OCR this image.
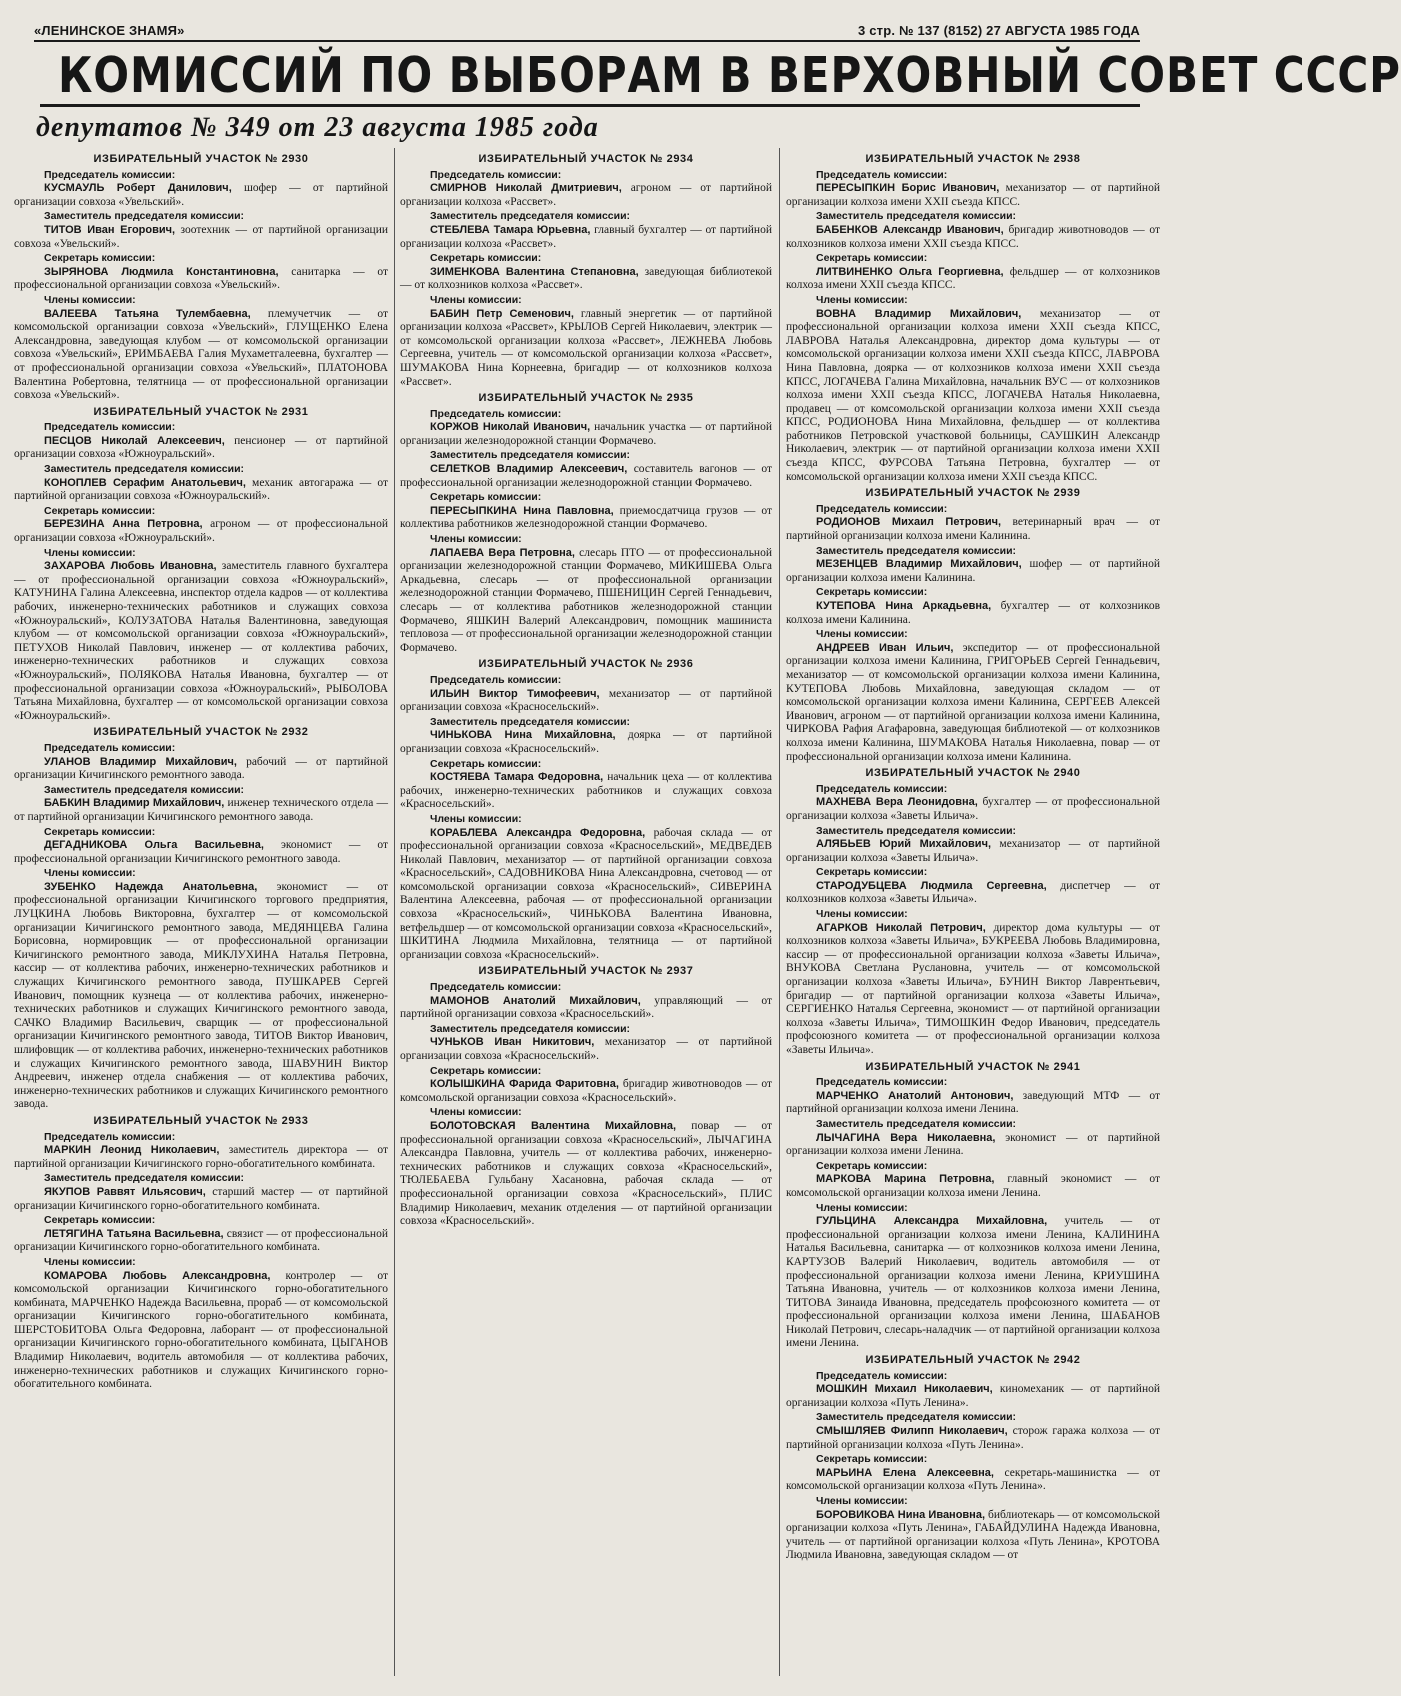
«ЛЕНИНСКОЕ ЗНАМЯ»	3 стр. № 137 (8152) 27 АВГУСТА 1985 ГОДА
КОМИССИЙ ПО ВЫБОРАМ В ВЕРХОВНЫЙ СОВЕТ СССР
депутатов № 349 от 23 августа 1985 года
ИЗБИРАТЕЛЬНЫЙ УЧАСТОК № 2930
Председатель комиссии:
КУСМАУЛЬ Роберт Данилович, шофер — от партийной организации совхоза «Увельский».
Заместитель председателя комиссии:
ТИТОВ Иван Егорович, зоотехник — от партийной организации совхоза «Увельский».
Секретарь комиссии:
ЗЫРЯНОВА Людмила Константиновна, санитарка — от профессиональной организации совхоза «Увельский».
Члены комиссии:
ВАЛЕЕВА Татьяна Тулембаевна, племучетчик — от комсомольской организации совхоза «Увельский», ГЛУЩЕНКО Елена Александровна, заведующая клубом — от комсомольской организации совхоза «Увельский», ЕРИМБАЕВА Галия Мухаметгалеевна, бухгалтер — от профессиональной организации совхоза «Увельский», ПЛАТОНОВА Валентина Робертовна, телятница — от профессиональной организации совхоза «Увельский».
ИЗБИРАТЕЛЬНЫЙ УЧАСТОК № 2931
Председатель комиссии:
ПЕСЦОВ Николай Алексеевич, пенсионер — от партийной организации совхоза «Южноуральский».
Заместитель председателя комиссии:
КОНОПЛЕВ Серафим Анатольевич, механик автогаража — от партийной организации совхоза «Южноуральский».
Секретарь комиссии:
БЕРЕЗИНА Анна Петровна, агроном — от профессиональной организации совхоза «Южноуральский».
Члены комиссии:
ЗАХАРОВА Любовь Ивановна, заместитель главного бухгалтера — от профессиональной организации совхоза «Южноуральский», КАТУНИНА Галина Алексеевна, инспектор отдела кадров — от коллектива рабочих, инженерно-технических работников и служащих совхоза «Южноуральский», КОЛУЗАТОВА Наталья Валентиновна, заведующая клубом — от комсомольской организации совхоза «Южноуральский», ПЕТУХОВ Николай Павлович, инженер — от коллектива рабочих, инженерно-технических работников и служащих совхоза «Южноуральский», ПОЛЯКОВА Наталья Ивановна, бухгалтер — от профессиональной организации совхоза «Южноуральский», РЫБОЛОВА Татьяна Михайловна, бухгалтер — от комсомольской организации совхоза «Южноуральский».
ИЗБИРАТЕЛЬНЫЙ УЧАСТОК № 2932
Председатель комиссии:
УЛАНОВ Владимир Михайлович, рабочий — от партийной организации Кичигинского ремонтного завода.
Заместитель председателя комиссии:
БАБКИН Владимир Михайлович, инженер технического отдела — от партийной организации Кичигинского ремонтного завода.
Секретарь комиссии:
ДЕГАДНИКОВА Ольга Васильевна, экономист — от профессиональной организации Кичигинского ремонтного завода.
Члены комиссии:
ЗУБЕНКО Надежда Анатольевна, экономист — от профессиональной организации Кичигинского торгового предприятия, ЛУЦКИНА Любовь Викторовна, бухгалтер — от комсомольской организации Кичигинского ремонтного завода, МЕДЯНЦЕВА Галина Борисовна, нормировщик — от профессиональной организации Кичигинского ремонтного завода, МИКЛУХИНА Наталья Петровна, кассир — от коллектива рабочих, инженерно-технических работников и служащих Кичигинского ремонтного завода, ПУШКАРЕВ Сергей Иванович, помощник кузнеца — от коллектива рабочих, инженерно-технических работников и служащих Кичигинского ремонтного завода, САЧКО Владимир Васильевич, сварщик — от профессиональной организации Кичигинского ремонтного завода, ТИТОВ Виктор Иванович, шлифовщик — от коллектива рабочих, инженерно-технических работников и служащих Кичигинского ремонтного завода, ШАВУНИН Виктор Андреевич, инженер отдела снабжения — от коллектива рабочих, инженерно-технических работников и служащих Кичигинского ремонтного завода.
ИЗБИРАТЕЛЬНЫЙ УЧАСТОК № 2933
Председатель комиссии:
МАРКИН Леонид Николаевич, заместитель директора — от партийной организации Кичигинского горно-обогатительного комбината.
Заместитель председателя комиссии:
ЯКУПОВ Раввят Ильясович, старший мастер — от партийной организации Кичигинского горно-обогатительного комбината.
Секретарь комиссии:
ЛЕТЯГИНА Татьяна Васильевна, связист — от профессиональной организации Кичигинского горно-обогатительного комбината.
Члены комиссии:
КОМАРОВА Любовь Александровна, контролер — от комсомольской организации Кичигинского горно-обогатительного комбината, МАРЧЕНКО Надежда Васильевна, прораб — от комсомольской организации Кичигинского горно-обогатительного комбината, ШЕРСТОБИТОВА Ольга Федоровна, лаборант — от профессиональной организации Кичигинского горно-обогатительного комбината, ЦЫГАНОВ Владимир Николаевич, водитель автомобиля — от коллектива рабочих, инженерно-технических работников и служащих Кичигинского горно-обогатительного комбината.
ИЗБИРАТЕЛЬНЫЙ УЧАСТОК № 2934
Председатель комиссии:
СМИРНОВ Николай Дмитриевич, агроном — от партийной организации колхоза «Рассвет».
Заместитель председателя комиссии:
СТЕБЛЕВА Тамара Юрьевна, главный бухгалтер — от партийной организации колхоза «Рассвет».
Секретарь комиссии:
ЗИМЕНКОВА Валентина Степановна, заведующая библиотекой — от колхозников колхоза «Рассвет».
Члены комиссии:
БАБИН Петр Семенович, главный энергетик — от партийной организации колхоза «Рассвет», КРЫЛОВ Сергей Николаевич, электрик — от комсомольской организации колхоза «Рассвет», ЛЕЖНЕВА Любовь Сергеевна, учитель — от комсомольской организации колхоза «Рассвет», ШУМАКОВА Нина Корнеевна, бригадир — от колхозников колхоза «Рассвет».
ИЗБИРАТЕЛЬНЫЙ УЧАСТОК № 2935
Председатель комиссии:
КОРЖОВ Николай Иванович, начальник участка — от партийной организации железнодорожной станции Формачево.
Заместитель председателя комиссии:
СЕЛЕТКОВ Владимир Алексеевич, составитель вагонов — от профессиональной организации железнодорожной станции Формачево.
Секретарь комиссии:
ПЕРЕСЫПКИНА Нина Павловна, приемосдатчица грузов — от коллектива работников железнодорожной станции Формачево.
Члены комиссии:
ЛАПАЕВА Вера Петровна, слесарь ПТО — от профессиональной организации железнодорожной станции Формачево, МИКИШЕВА Ольга Аркадьевна, слесарь — от профессиональной организации железнодорожной станции Формачево, ПШЕНИЦИН Сергей Геннадьевич, слесарь — от коллектива работников железнодорожной станции Формачево, ЯШКИН Валерий Александрович, помощник машиниста тепловоза — от профессиональной организации железнодорожной станции Формачево.
ИЗБИРАТЕЛЬНЫЙ УЧАСТОК № 2936
Председатель комиссии:
ИЛЬИН Виктор Тимофеевич, механизатор — от партийной организации совхоза «Красносельский».
Заместитель председателя комиссии:
ЧИНЬКОВА Нина Михайловна, доярка — от партийной организации совхоза «Красносельский».
Секретарь комиссии:
КОСТЯЕВА Тамара Федоровна, начальник цеха — от коллектива рабочих, инженерно-технических работников и служащих совхоза «Красносельский».
Члены комиссии:
КОРАБЛЕВА Александра Федоровна, рабочая склада — от профессиональной организации совхоза «Красносельский», МЕДВЕДЕВ Николай Павлович, механизатор — от партийной организации совхоза «Красносельский», САДОВНИКОВА Нина Александровна, счетовод — от комсомольской организации совхоза «Красносельский», СИВЕРИНА Валентина Алексеевна, рабочая — от профессиональной организации совхоза «Красносельский», ЧИНЬКОВА Валентина Ивановна, ветфельдшер — от комсомольской организации совхоза «Красносельский», ШКИТИНА Людмила Михайловна, телятница — от партийной организации совхоза «Красносельский».
ИЗБИРАТЕЛЬНЫЙ УЧАСТОК № 2937
Председатель комиссии:
МАМОНОВ Анатолий Михайлович, управляющий — от партийной организации совхоза «Красносельский».
Заместитель председателя комиссии:
ЧУНЬКОВ Иван Никитович, механизатор — от партийной организации совхоза «Красносельский».
Секретарь комиссии:
КОЛЫШКИНА Фарида Фаритовна, бригадир животноводов — от комсомольской организации совхоза «Красносельский».
Члены комиссии:
БОЛОТОВСКАЯ Валентина Михайловна, повар — от профессиональной организации совхоза «Красносельский», ЛЫЧАГИНА Александра Павловна, учитель — от коллектива рабочих, инженерно-технических работников и служащих совхоза «Красносельский», ТЮЛЕБАЕВА Гульбану Хасановна, рабочая склада — от профессиональной организации совхоза «Красносельский», ПЛИС Владимир Николаевич, механик отделения — от партийной организации совхоза «Красносельский».
ИЗБИРАТЕЛЬНЫЙ УЧАСТОК № 2938
Председатель комиссии:
ПЕРЕСЫПКИН Борис Иванович, механизатор — от партийной организации колхоза имени XXII съезда КПСС.
Заместитель председателя комиссии:
БАБЕНКОВ Александр Иванович, бригадир животноводов — от колхозников колхоза имени XXII съезда КПСС.
Секретарь комиссии:
ЛИТВИНЕНКО Ольга Георгиевна, фельдшер — от колхозников колхоза имени XXII съезда КПСС.
Члены комиссии:
ВОВНА Владимир Михайлович, механизатор — от профессиональной организации колхоза имени XXII съезда КПСС, ЛАВРОВА Наталья Александровна, директор дома культуры — от комсомольской организации колхоза имени XXII съезда КПСС, ЛАВРОВА Нина Павловна, доярка — от колхозников колхоза имени XXII съезда КПСС, ЛОГАЧЕВА Галина Михайловна, начальник ВУС — от колхозников колхоза имени XXII съезда КПСС, ЛОГАЧЕВА Наталья Николаевна, продавец — от комсомольской организации колхоза имени XXII съезда КПСС, РОДИОНОВА Нина Михайловна, фельдшер — от коллектива работников Петровской участковой больницы, САУШКИН Александр Николаевич, электрик — от партийной организации колхоза имени XXII съезда КПСС, ФУРСОВА Татьяна Петровна, бухгалтер — от комсомольской организации колхоза имени XXII съезда КПСС.
ИЗБИРАТЕЛЬНЫЙ УЧАСТОК № 2939
Председатель комиссии:
РОДИОНОВ Михаил Петрович, ветеринарный врач — от партийной организации колхоза имени Калинина.
Заместитель председателя комиссии:
МЕЗЕНЦЕВ Владимир Михайлович, шофер — от партийной организации колхоза имени Калинина.
Секретарь комиссии:
КУТЕПОВА Нина Аркадьевна, бухгалтер — от колхозников колхоза имени Калинина.
Члены комиссии:
АНДРЕЕВ Иван Ильич, экспедитор — от профессиональной организации колхоза имени Калинина, ГРИГОРЬЕВ Сергей Геннадьевич, механизатор — от комсомольской организации колхоза имени Калинина, КУТЕПОВА Любовь Михайловна, заведующая складом — от комсомольской организации колхоза имени Калинина, СЕРГЕЕВ Алексей Иванович, агроном — от партийной организации колхоза имени Калинина, ЧИРКОВА Рафия Агафаровна, заведующая библиотекой — от колхозников колхоза имени Калинина, ШУМАКОВА Наталья Николаевна, повар — от профессиональной организации колхоза имени Калинина.
ИЗБИРАТЕЛЬНЫЙ УЧАСТОК № 2940
Председатель комиссии:
МАХНЕВА Вера Леонидовна, бухгалтер — от профессиональной организации колхоза «Заветы Ильича».
Заместитель председателя комиссии:
АЛЯБЬЕВ Юрий Михайлович, механизатор — от партийной организации колхоза «Заветы Ильича».
Секретарь комиссии:
СТАРОДУБЦЕВА Людмила Сергеевна, диспетчер — от колхозников колхоза «Заветы Ильича».
Члены комиссии:
АГАРКОВ Николай Петрович, директор дома культуры — от колхозников колхоза «Заветы Ильича», БУКРЕЕВА Любовь Владимировна, кассир — от профессиональной организации колхоза «Заветы Ильича», ВНУКОВА Светлана Руслановна, учитель — от комсомольской организации колхоза «Заветы Ильича», БУНИН Виктор Лаврентьевич, бригадир — от партийной организации колхоза «Заветы Ильича», СЕРГИЕНКО Наталья Сергеевна, экономист — от партийной организации колхоза «Заветы Ильича», ТИМОШКИН Федор Иванович, председатель профсоюзного комитета — от профессиональной организации колхоза «Заветы Ильича».
ИЗБИРАТЕЛЬНЫЙ УЧАСТОК № 2941
Председатель комиссии:
МАРЧЕНКО Анатолий Антонович, заведующий МТФ — от партийной организации колхоза имени Ленина.
Заместитель председателя комиссии:
ЛЫЧАГИНА Вера Николаевна, экономист — от партийной организации колхоза имени Ленина.
Секретарь комиссии:
МАРКОВА Марина Петровна, главный экономист — от комсомольской организации колхоза имени Ленина.
Члены комиссии:
ГУЛЬЦИНА Александра Михайловна, учитель — от профессиональной организации колхоза имени Ленина, КАЛИНИНА Наталья Васильевна, санитарка — от колхозников колхоза имени Ленина, КАРТУЗОВ Валерий Николаевич, водитель автомобиля — от профессиональной организации колхоза имени Ленина, КРИУШИНА Татьяна Ивановна, учитель — от колхозников колхоза имени Ленина, ТИТОВА Зинаида Ивановна, председатель профсоюзного комитета — от профессиональной организации колхоза имени Ленина, ШАБАНОВ Николай Петрович, слесарь-наладчик — от партийной организации колхоза имени Ленина.
ИЗБИРАТЕЛЬНЫЙ УЧАСТОК № 2942
Председатель комиссии:
МОШКИН Михаил Николаевич, киномеханик — от партийной организации колхоза «Путь Ленина».
Заместитель председателя комиссии:
СМЫШЛЯЕВ Филипп Николаевич, сторож гаража колхоза — от партийной организации колхоза «Путь Ленина».
Секретарь комиссии:
МАРЬИНА Елена Алексеевна, секретарь-машинистка — от комсомольской организации колхоза «Путь Ленина».
Члены комиссии:
БОРОВИКОВА Нина Ивановна, библиотекарь — от комсомольской организации колхоза «Путь Ленина», ГАБАЙДУЛИНА Надежда Ивановна, учитель — от партийной организации колхоза «Путь Ленина», КРОТОВА Людмила Ивановна, заведующая складом — от
